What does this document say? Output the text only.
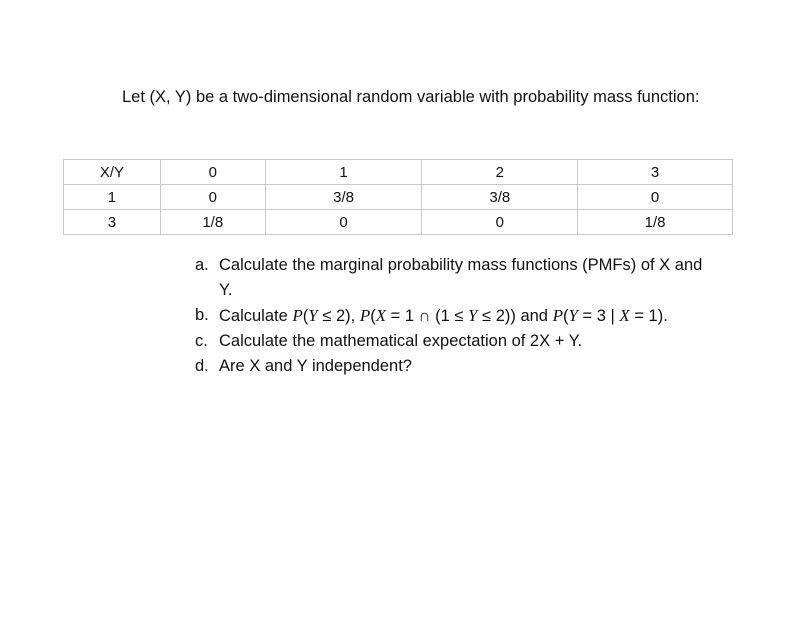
Let (X, Y) be a two-dimensional random variable with probability mass function:

X/Y	0	1	2	3
1	0	3/8	3/8	0
3	1/8	0	0	1/8
a. Calculate the marginal probability mass functions (PMFs) of X and Y.
b. Calculate P(Y ≤ 2), P(X = 1 ∩ (1 ≤ Y ≤ 2)) and P(Y = 3 | X = 1).
c. Calculate the mathematical expectation of 2X + Y.
d. Are X and Y independent?
